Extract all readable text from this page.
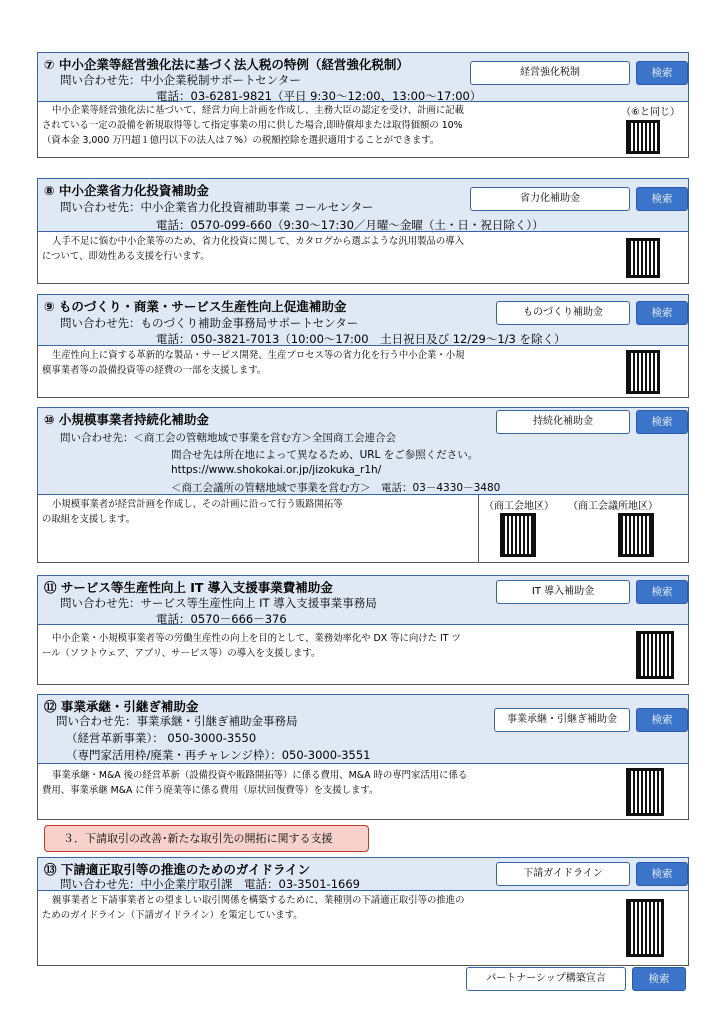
⑦ 中小企業等経営強化法に基づく法人税の特例（経営強化税制）
問い合わせ先：中小企業税制サポートセンター
電話：03-6281-9821（平日 9:30～12:00、13:00～17:00）
経営強化税制	検索
中小企業等経営強化法に基づいて、経営力向上計画を作成し、主務大臣の認定を受け、計画に記載
されている一定の設備を新規取得等して指定事業の用に供した場合,即時償却または取得価額の 10%
（資本金 3,000 万円超１億円以下の法人は７%）の税額控除を選択適用することができます。
（⑥と同じ）
⑧ 中小企業省力化投資補助金
問い合わせ先：中小企業省力化投資補助事業 コールセンター
電話：0570-099-660（9:30～17:30／月曜～金曜（土・日・祝日除く））
省力化補助金	検索
人手不足に悩む中小企業等のため、省力化投資に関して、カタログから選ぶような汎用製品の導入
について、即効性ある支援を行います。
⑨ ものづくり・商業・サービス生産性向上促進補助金
問い合わせ先：ものづくり補助金事務局サポートセンター
電話：050-3821-7013（10:00～17:00　土日祝日及び 12/29～1/3 を除く）
ものづくり補助金	検索
生産性向上に資する革新的な製品・サービス開発、生産プロセス等の省力化を行う中小企業・小規
模事業者等の設備投資等の経費の一部を支援します。
⑩ 小規模事業者持続化補助金
問い合わせ先：＜商工会の管轄地域で事業を営む方＞全国商工会連合会
問合せ先は所在地によって異なるため、URL をご参照ください。
https://www.shokokai.or.jp/jizokuka_r1h/
＜商工会議所の管轄地域で事業を営む方＞　電話：03－4330－3480
持続化補助金	検索
小規模事業者が経営計画を作成し、その計画に沿って行う販路開拓等
の取組を支援します。
（商工会地区） （商工会議所地区）
⑪ サービス等生産性向上 IT 導入支援事業費補助金
問い合わせ先：サービス等生産性向上 IT 導入支援事業事務局
電話：0570－666－376
IT 導入補助金	検索
中小企業・小規模事業者等の労働生産性の向上を目的として、業務効率化や DX 等に向けた IT ツ
ール（ソフトウェア、アプリ、サービス等）の導入を支援します。
⑫ 事業承継・引継ぎ補助金
問い合わせ先：事業承継・引継ぎ補助金事務局
（経営革新事業）： 050-3000-3550
（専門家活用枠/廃業・再チャレンジ枠）：050-3000-3551
事業承継・引継ぎ補助金	検索
事業承継・M&A 後の経営革新（設備投資や販路開拓等）に係る費用、M&A 時の専門家活用に係る
費用、事業承継 M&A に伴う廃業等に係る費用（原状回復費等）を支援します。
３．下請取引の改善･新たな取引先の開拓に関する支援
⑬ 下請適正取引等の推進のためのガイドライン
問い合わせ先：中小企業庁取引課　電話：03-3501-1669
下請ガイドライン	検索
親事業者と下請事業者との望ましい取引関係を構築するために、業種別の下請適正取引等の推進の
ためのガイドライン（下請ガイドライン）を策定しています。
パートナーシップ構築宣言	検索
